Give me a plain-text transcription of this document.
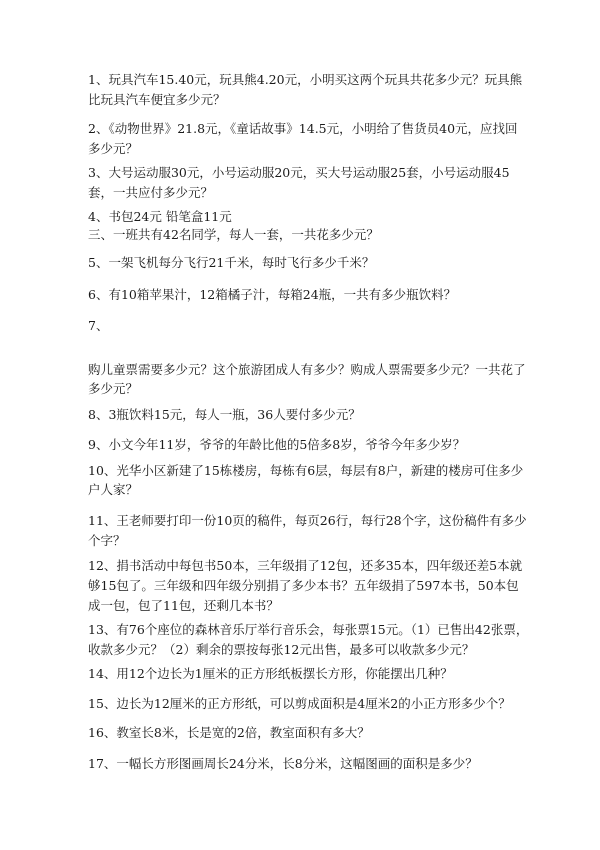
1、玩具汽车15.40元，玩具熊4.20元，小明买这两个玩具共花多少元？玩具熊
比玩具汽车便宜多少元？
2、《动物世界》21.8元，《童话故事》14.5元，小明给了售货员40元，应找回
多少元？
3、大号运动服30元，小号运动服20元，买大号运动服25套，小号运动服45
套，一共应付多少元？
4、书包24元 铅笔盒11元
三、一班共有42名同学，每人一套，一共花多少元？
5、一架飞机每分飞行21千米，每时飞行多少千米？
6、有10箱苹果汁，12箱橘子汁，每箱24瓶，一共有多少瓶饮料？
7、
购儿童票需要多少元？这个旅游团成人有多少？购成人票需要多少元？一共花了
多少元？
8、3瓶饮料15元，每人一瓶，36人要付多少元？
9、小文今年11岁，爷爷的年龄比他的5倍多8岁，爷爷今年多少岁？
10、光华小区新建了15栋楼房，每栋有6层，每层有8户，新建的楼房可住多少
户人家？
11、王老师要打印一份10页的稿件，每页26行，每行28个字，这份稿件有多少
个字？
12、捐书活动中每包书50本，三年级捐了12包，还多35本，四年级还差5本就
够15包了。三年级和四年级分别捐了多少本书？五年级捐了597本书，50本包
成一包，包了11包，还剩几本书？
13、有76个座位的森林音乐厅举行音乐会，每张票15元。（1）已售出42张票，
收款多少元？（2）剩余的票按每张12元出售，最多可以收款多少元？
14、用12个边长为1厘米的正方形纸板摆长方形，你能摆出几种？
15、边长为12厘米的正方形纸，可以剪成面积是4厘米2的小正方形多少个？
16、教室长8米，长是宽的2倍，教室面积有多大？
17、一幅长方形图画周长24分米，长8分米，这幅图画的面积是多少？
